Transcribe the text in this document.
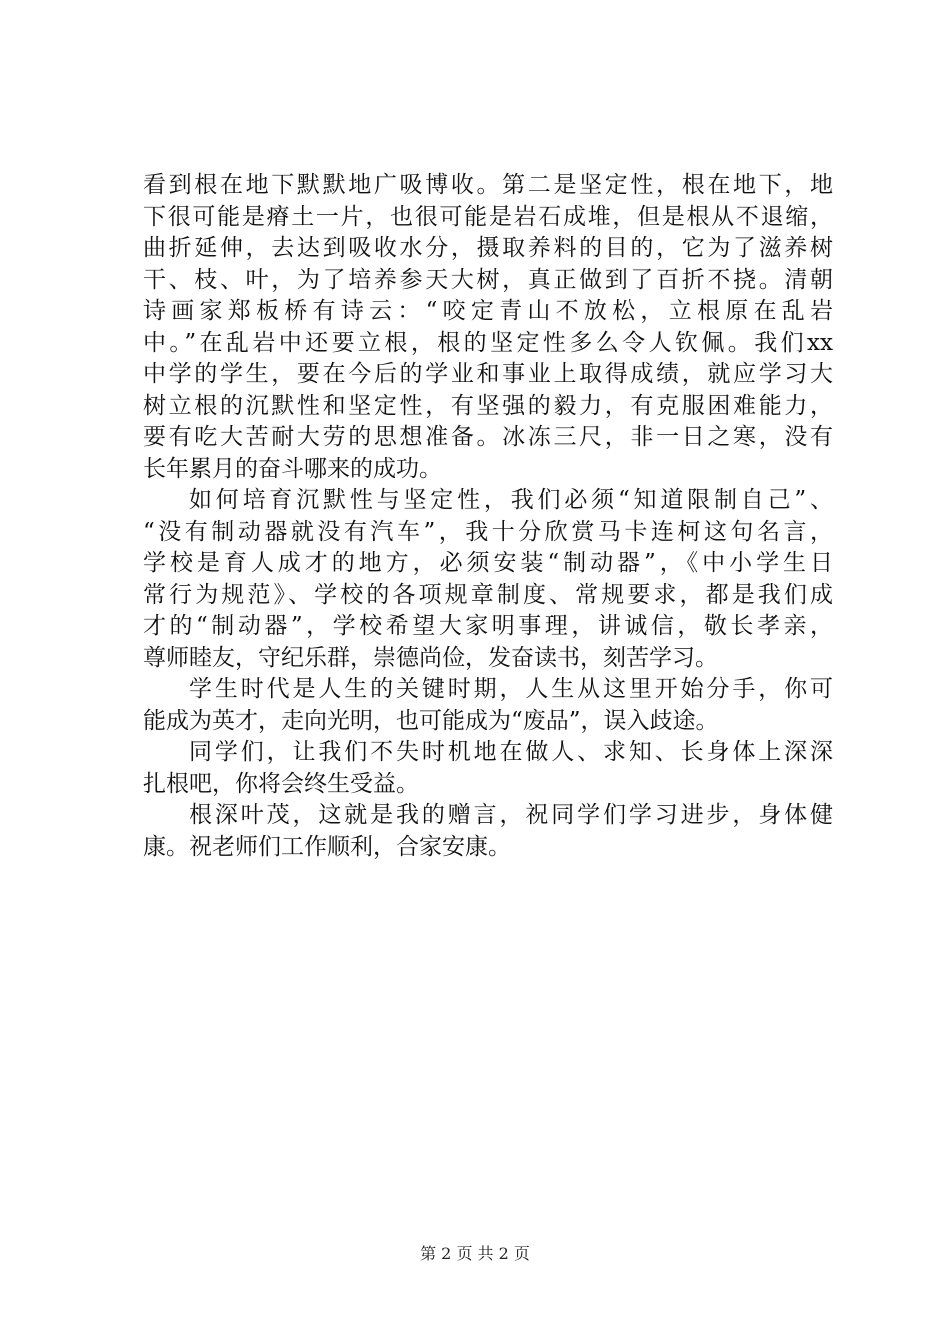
看到根在地下默默地广吸博收。第二是坚定性，根在地下，地
下很可能是瘠土一片，也很可能是岩石成堆，但是根从不退缩，
曲折延伸，去达到吸收水分，摄取养料的目的，它为了滋养树
干、枝、叶，为了培养参天大树，真正做到了百折不挠。清朝
诗画家郑板桥有诗云：“咬定青山不放松，立根原在乱岩
中。”在乱岩中还要立根，根的坚定性多么令人钦佩。我们xx
中学的学生，要在今后的学业和事业上取得成绩，就应学习大
树立根的沉默性和坚定性，有坚强的毅力，有克服困难能力，
要有吃大苦耐大劳的思想准备。冰冻三尺，非一日之寒，没有
长年累月的奋斗哪来的成功。
如何培育沉默性与坚定性，我们必须“知道限制自己”、
“没有制动器就没有汽车”，我十分欣赏马卡连柯这句名言，
学校是育人成才的地方，必须安装“制动器”，《中小学生日
常行为规范》、学校的各项规章制度、常规要求，都是我们成
才的“制动器”，学校希望大家明事理，讲诚信，敬长孝亲，
尊师睦友，守纪乐群，崇德尚俭，发奋读书，刻苦学习。
学生时代是人生的关键时期，人生从这里开始分手，你可
能成为英才，走向光明，也可能成为“废品”，误入歧途。
同学们，让我们不失时机地在做人、求知、长身体上深深
扎根吧，你将会终生受益。
根深叶茂，这就是我的赠言，祝同学们学习进步，身体健
康。祝老师们工作顺利，合家安康。
第 2 页 共 2 页
